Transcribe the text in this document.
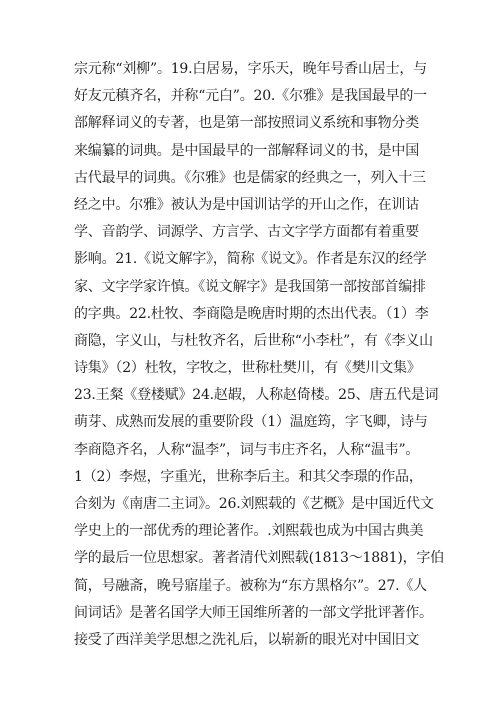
宗元称“刘柳”。19.白居易，字乐天，晚年号香山居士，与
好友元稹齐名，并称“元白”。20.《尔雅》是我国最早的一
部解释词义的专著，也是第一部按照词义系统和事物分类
来编纂的词典。是中国最早的一部解释词义的书，是中国
古代最早的词典。《尔雅》也是儒家的经典之一，列入十三
经之中。尔雅》被认为是中国训诂学的开山之作，在训诂
学、音韵学、词源学、方言学、古文字学方面都有着重要
影响。21.《说文解字》，简称《说文》。作者是东汉的经学
家、文字学家许慎。《说文解字》是我国第一部按部首编排
的字典。22.杜牧、李商隐是晚唐时期的杰出代表。（1）李
商隐，字义山，与杜牧齐名，后世称“小李杜”，有《李义山
诗集》（2）杜牧，字牧之，世称杜樊川，有《樊川文集》
23.王粲《登楼赋》24.赵嘏，人称赵倚楼。25、唐五代是词
萌芽、成熟而发展的重要阶段（1）温庭筠，字飞卿，诗与
李商隐齐名，人称“温李”，词与韦庄齐名，人称“温韦”。
1（2）李煜，字重光，世称李后主。和其父李璟的作品，
合刻为《南唐二主词》。26.刘熙载的《艺概》是中国近代文
学史上的一部优秀的理论著作。.刘熙载也成为中国古典美
学的最后一位思想家。著者清代刘熙载(1813～1881)，字伯
简，号融斋，晚号寤崖子。被称为“东方黑格尔”。27.《人
间词话》是著名国学大师王国维所著的一部文学批评著作。
接受了西洋美学思想之洗礼后，以崭新的眼光对中国旧文
